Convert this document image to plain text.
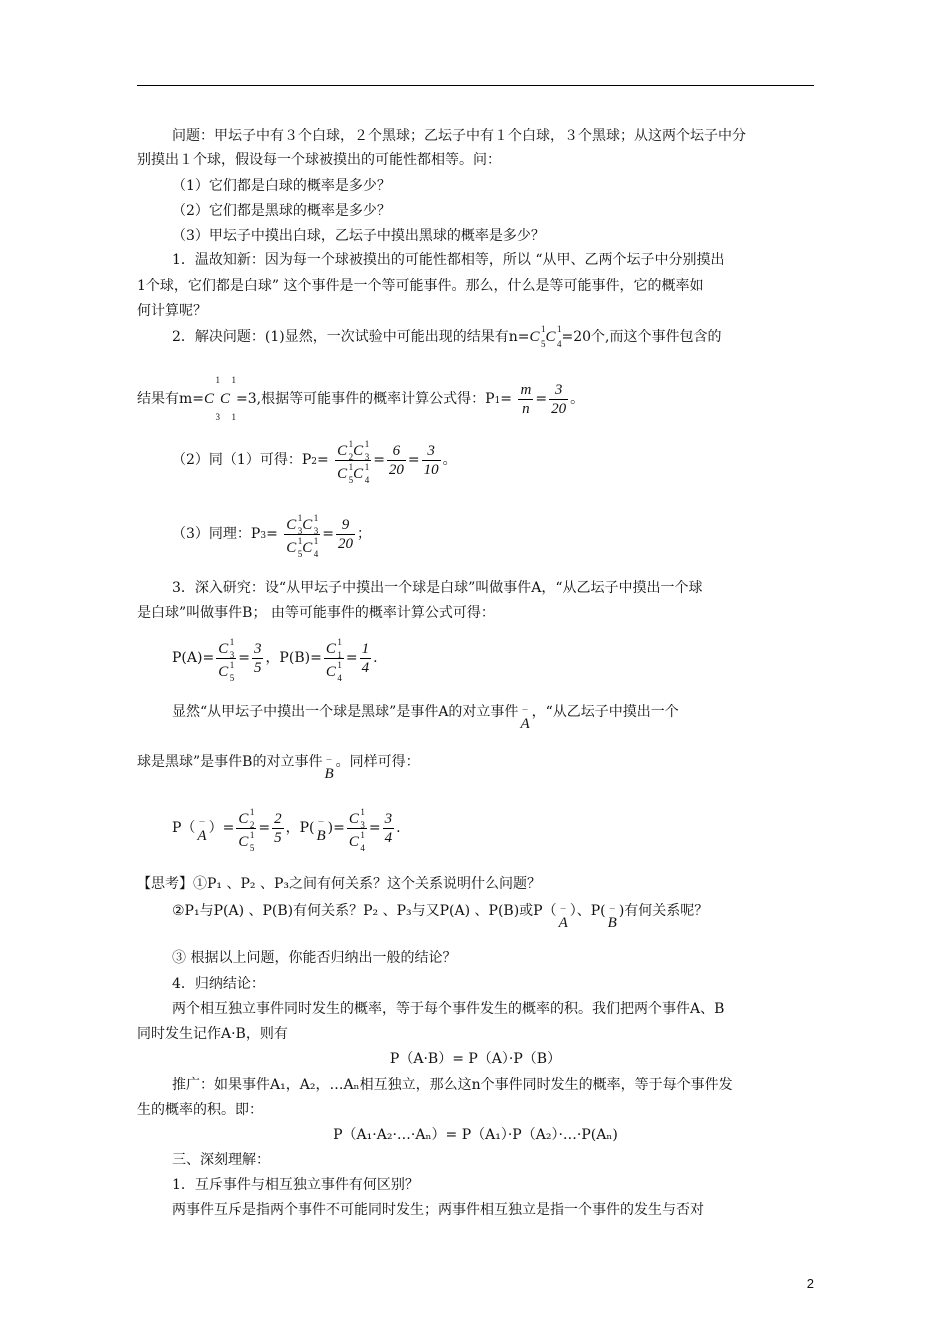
问题：甲坛子中有３个白球，２个黑球；乙坛子中有１个白球，３个黑球；从这两个坛子中分
别摸出１个球，假设每一个球被摸出的可能性都相等。问：
（1）它们都是白球的概率是多少？
（2）它们都是黑球的概率是多少？
（3）甲坛子中摸出白球，乙坛子中摸出黑球的概率是多少？
1．温故知新：因为每一个球被摸出的可能性都相等，所以 “从甲、乙两个坛子中分别摸出
1个球，它们都是白球” 这个事件是一个等可能事件。那么，什么是等可能事件，它的概率如
何计算呢？
2．解决问题：(1)显然，一次试验中可能出现的结果有n=C 1
5 C 1
4 =20个,而这个事件包含的
结果有m=C
1
3
C
1
1
=3,根据等可能事件的概率计算公式得：$P1= \frac{m}{n} = \frac{3}{20}$ 。
（2）同（1）可得：P2= C 1
2 C 1
3
C 1
5 C 1
$4 = \frac{6}{20} = \frac{3}{10}$ 。
（3）同理：P3= C 1
3 C 1
3
C 1
5 C 1
$4 = \frac{9}{20}$ ；
3．深入研究：设“从甲坛子中摸出一个球是白球”叫做事件A，“从乙坛子中摸出一个球
是白球”叫做事件B； 由等可能事件的概率计算公式可得：
P(A)= C 1
3
C 1
$5 = \frac{3}{5}$ ，P(B)= C 1
1
C 1
$4 = \frac{1}{4}$ .
显然“从甲坛子中摸出一个球是黑球”是事件A的对立事件_ A，“从乙坛子中摸出一个
球是黑球”是事件B的对立事件_ B。同样可得：
P（ _ A ）= C 1
2
C 1
$5 = \frac{2}{5}$ ，P( _ B )= C 1
3
C 1
$4 = \frac{3}{4}$ .
【思考】①P₁ 、P₂ 、P₃之间有何关系？这个关系说明什么问题？
②P₁与P(A) 、P(B)有何关系？P₂ 、P₃与又P(A) 、P(B)或P（_ A）、P(_ B)有何关系呢？
③ 根据以上问题，你能否归纳出一般的结论？
4．归纳结论：
两个相互独立事件同时发生的概率，等于每个事件发生的概率的积。我们把两个事件A、B
同时发生记作A·B，则有
P（A·B）= P（A）·P（B）
推广：如果事件A₁，A₂，…Aₙ相互独立，那么这n个事件同时发生的概率，等于每个事件发
生的概率的积。即：
P（A₁·A₂·…·Aₙ）= P（A₁）·P（A₂）·…·P(Aₙ)
三、深刻理解：
1．互斥事件与相互独立事件有何区别？
两事件互斥是指两个事件不可能同时发生；两事件相互独立是指一个事件的发生与否对
2
